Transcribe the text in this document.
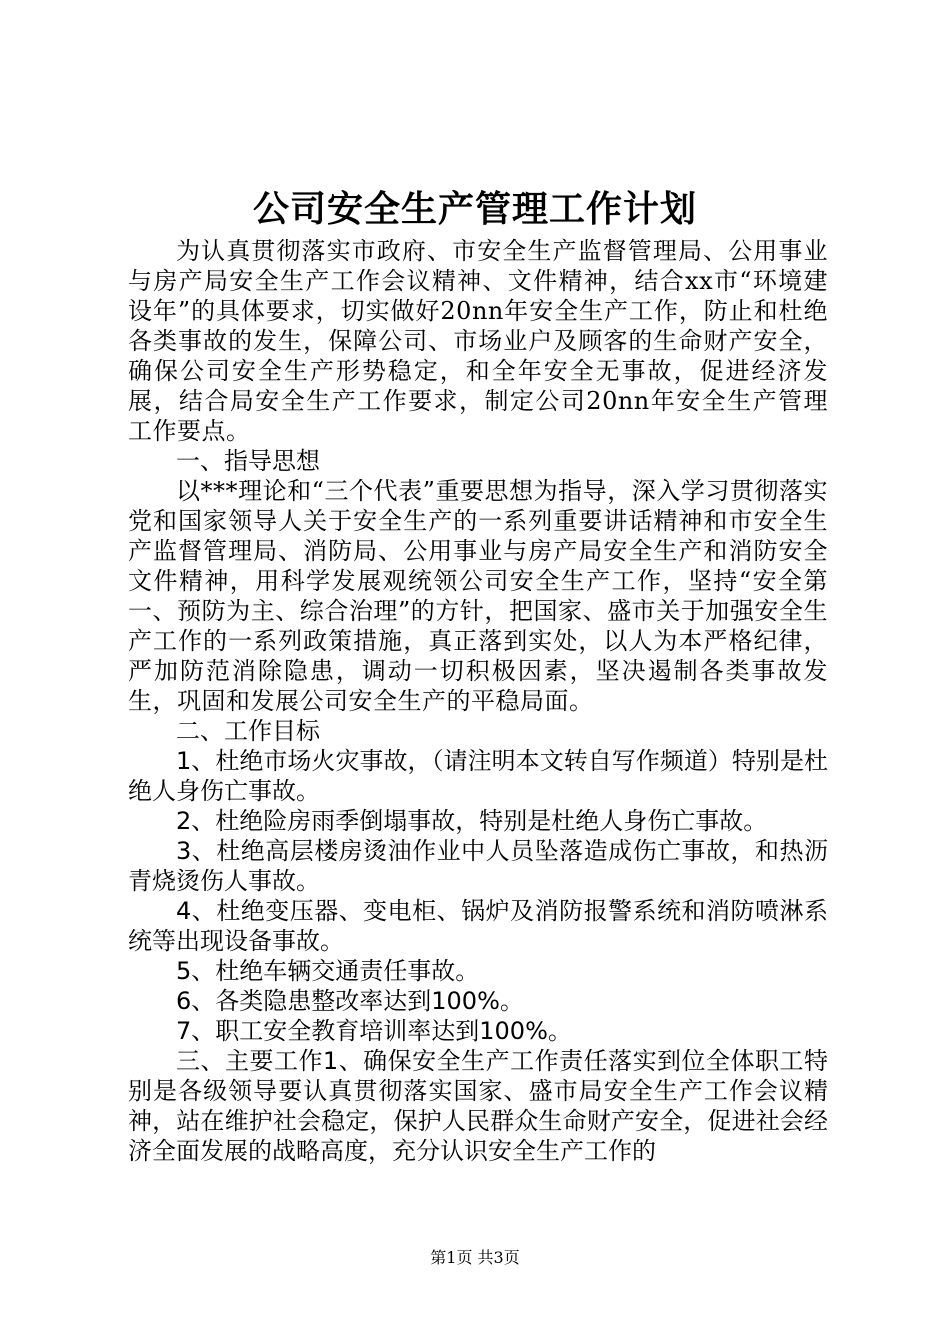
公司安全生产管理工作计划

为认真贯彻落实市政府、市安全生产监督管理局、公用事业与房产局安全生产工作会议精神、文件精神，结合xx市“环境建设年”的具体要求，切实做好20nn年安全生产工作，防止和杜绝各类事故的发生，保障公司、市场业户及顾客的生命财产安全，确保公司安全生产形势稳定，和全年安全无事故，促进经济发展，结合局安全生产工作要求，制定公司20nn年安全生产管理工作要点。

一、指导思想

以***理论和“三个代表”重要思想为指导，深入学习贯彻落实党和国家领导人关于安全生产的一系列重要讲话精神和市安全生产监督管理局、消防局、公用事业与房产局安全生产和消防安全文件精神，用科学发展观统领公司安全生产工作，坚持“安全第一、预防为主、综合治理”的方针，把国家、盛市关于加强安全生产工作的一系列政策措施，真正落到实处，以人为本严格纪律，严加防范消除隐患，调动一切积极因素，坚决遏制各类事故发生，巩固和发展公司安全生产的平稳局面。

二、工作目标

1、杜绝市场火灾事故，（请注明本文转自写作频道）特别是杜绝人身伤亡事故。

2、杜绝险房雨季倒塌事故，特别是杜绝人身伤亡事故。

3、杜绝高层楼房烫油作业中人员坠落造成伤亡事故，和热沥青烧烫伤人事故。

4、杜绝变压器、变电柜、锅炉及消防报警系统和消防喷淋系统等出现设备事故。

5、杜绝车辆交通责任事故。

6、各类隐患整改率达到100%。

7、职工安全教育培训率达到100%。

三、主要工作1、确保安全生产工作责任落实到位全体职工特别是各级领导要认真贯彻落实国家、盛市局安全生产工作会议精神，站在维护社会稳定，保护人民群众生命财产安全，促进社会经济全面发展的战略高度，充分认识安全生产工作的

第1页 共3页
